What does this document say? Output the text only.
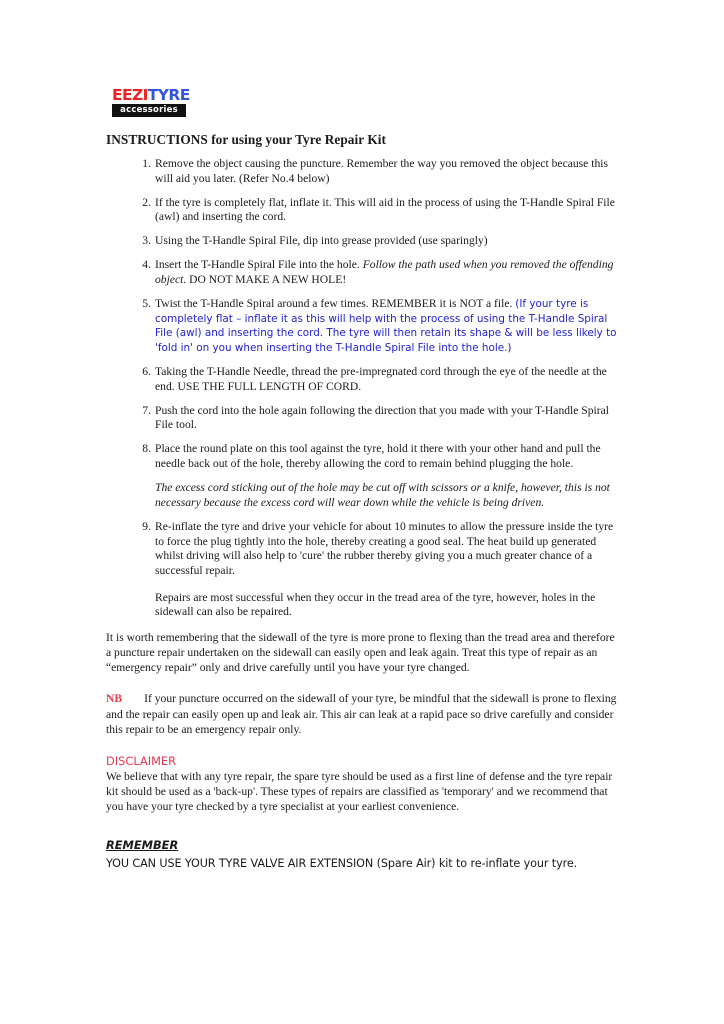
EEZITYRE
accessories
INSTRUCTIONS for using your Tyre Repair Kit
1. Remove the object causing the puncture. Remember the way you removed the object because this will aid you later. (Refer No.4 below)
2. If the tyre is completely flat, inflate it. This will aid in the process of using the T-Handle Spiral File (awl) and inserting the cord.
3. Using the T-Handle Spiral File, dip into grease provided (use sparingly)
4. Insert the T-Handle Spiral File into the hole. Follow the path used when you removed the offending object. DO NOT MAKE A NEW HOLE!
5. Twist the T-Handle Spiral around a few times. REMEMBER it is NOT a file. (If your tyre is completely flat – inflate it as this will help with the process of using the T-Handle Spiral File (awl) and inserting the cord. The tyre will then retain its shape & will be less likely to 'fold in' on you when inserting the T-Handle Spiral File into the hole.)
6. Taking the T-Handle Needle, thread the pre-impregnated cord through the eye of the needle at the end. USE THE FULL LENGTH OF CORD.
7. Push the cord into the hole again following the direction that you made with your T-Handle Spiral File tool.
8. Place the round plate on this tool against the tyre, hold it there with your other hand and pull the needle back out of the hole, thereby allowing the cord to remain behind plugging the hole.

The excess cord sticking out of the hole may be cut off with scissors or a knife, however, this is not necessary because the excess cord will wear down while the vehicle is being driven.

9. Re-inflate the tyre and drive your vehicle for about 10 minutes to allow the pressure inside the tyre to force the plug tightly into the hole, thereby creating a good seal. The heat build up generated whilst driving will also help to 'cure' the rubber thereby giving you a much greater chance of a successful repair.

Repairs are most successful when they occur in the tread area of the tyre, however, holes in the sidewall can also be repaired.

It is worth remembering that the sidewall of the tyre is more prone to flexing than the tread area and therefore a puncture repair undertaken on the sidewall can easily open and leak again. Treat this type of repair as an “emergency repair” only and drive carefully until you have your tyre changed.

NB If your puncture occurred on the sidewall of your tyre, be mindful that the sidewall is prone to flexing and the repair can easily open up and leak air. This air can leak at a rapid pace so drive carefully and consider this repair to be an emergency repair only.

DISCLAIMER

We believe that with any tyre repair, the spare tyre should be used as a first line of defense and the tyre repair kit should be used as a 'back-up'. These types of repairs are classified as 'temporary' and we recommend that you have your tyre checked by a tyre specialist at your earliest convenience.

REMEMBER

YOU CAN USE YOUR TYRE VALVE AIR EXTENSION (Spare Air) kit to re-inflate your tyre.
